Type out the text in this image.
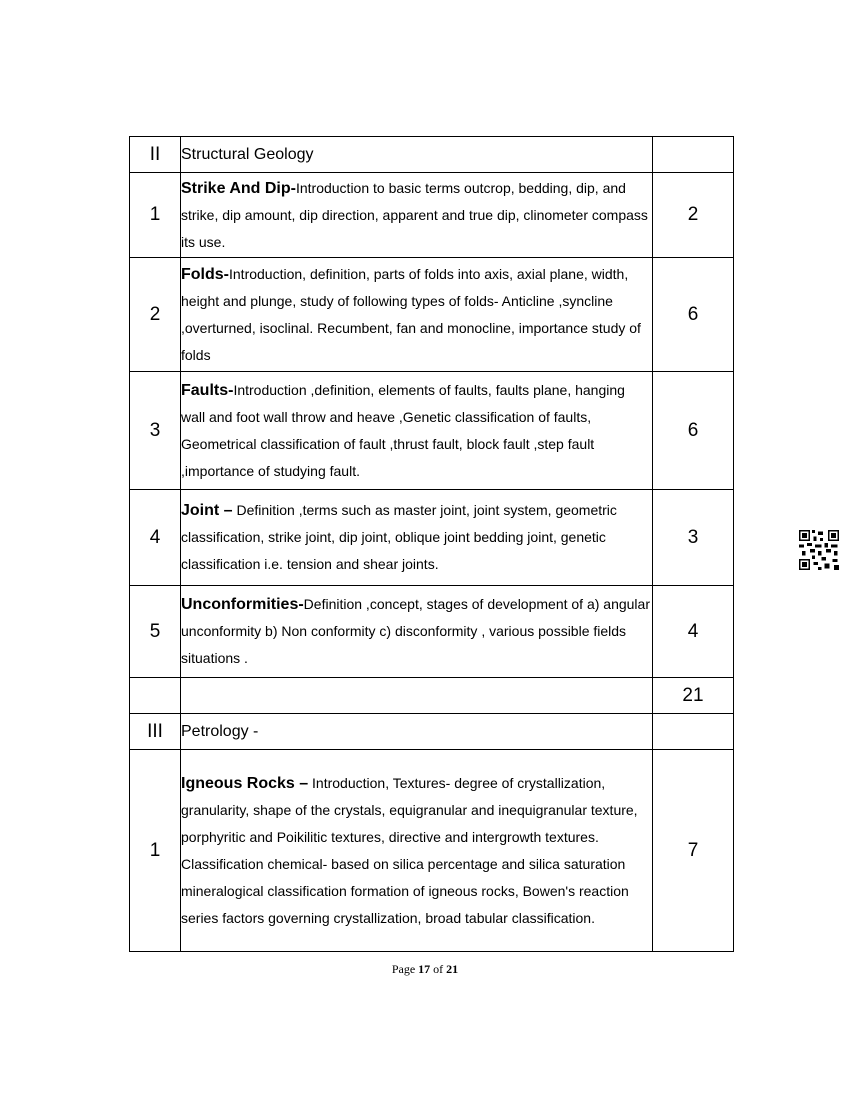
II	Structural Geology	
1	Strike And Dip-Introduction to basic terms outcrop, bedding, dip, and strike, dip amount, dip direction, apparent and true dip, clinometer compass its use.	2
2	Folds-Introduction, definition, parts of folds into axis, axial plane, width, height and plunge, study of following types of folds- Anticline ,syncline ,overturned, isoclinal. Recumbent, fan and monocline, importance study of folds	6
3	Faults-Introduction ,definition, elements of faults, faults plane, hanging wall and foot wall throw and heave ,Genetic classification of faults, Geometrical classification of fault ,thrust fault, block fault ,step fault ,importance of studying fault.	6
4	Joint – Definition ,terms such as master joint, joint system, geometric classification, strike joint, dip joint, oblique joint bedding joint, genetic classification i.e. tension and shear joints.	3
5	Unconformities-Definition ,concept, stages of development of a) angular unconformity b) Non conformity c) disconformity , various possible fields situations .	4
		21
III	Petrology -	
1	Igneous Rocks – Introduction, Textures- degree of crystallization, granularity, shape of the crystals, equigranular and inequigranular texture, porphyritic and Poikilitic textures, directive and intergrowth textures. Classification chemical- based on silica percentage and silica saturation mineralogical classification formation of igneous rocks, Bowen's reaction series factors governing crystallization, broad tabular classification.	7
Page 17 of 21
